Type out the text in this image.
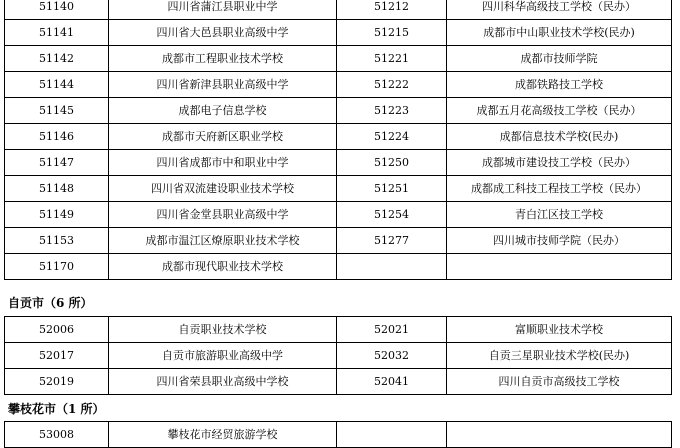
51140	四川省蒲江县职业中学	51212	四川科华高级技工学校（民办）
51141	四川省大邑县职业高级中学	51215	成都市中山职业技术学校(民办)
51142	成都市工程职业技术学校	51221	成都市技师学院
51144	四川省新津县职业高级中学	51222	成都铁路技工学校
51145	成都电子信息学校	51223	成都五月花高级技工学校（民办）
51146	成都市天府新区职业学校	51224	成都信息技术学校(民办)
51147	四川省成都市中和职业中学	51250	成都城市建设技工学校（民办）
51148	四川省双流建设职业技术学校	51251	成都成工科技工程技工学校（民办）
51149	四川省金堂县职业高级中学	51254	青白江区技工学校
51153	成都市温江区燎原职业技术学校	51277	四川城市技师学院（民办）
51170	成都市现代职业技术学校		
自贡市（6 所）
52006	自贡职业技术学校	52021	富顺职业技术学校
52017	自贡市旅游职业高级中学	52032	自贡三星职业技术学校(民办)
52019	四川省荣县职业高级中学校	52041	四川自贡市高级技工学校
攀枝花市（1 所）
53008	攀枝花市经贸旅游学校		
